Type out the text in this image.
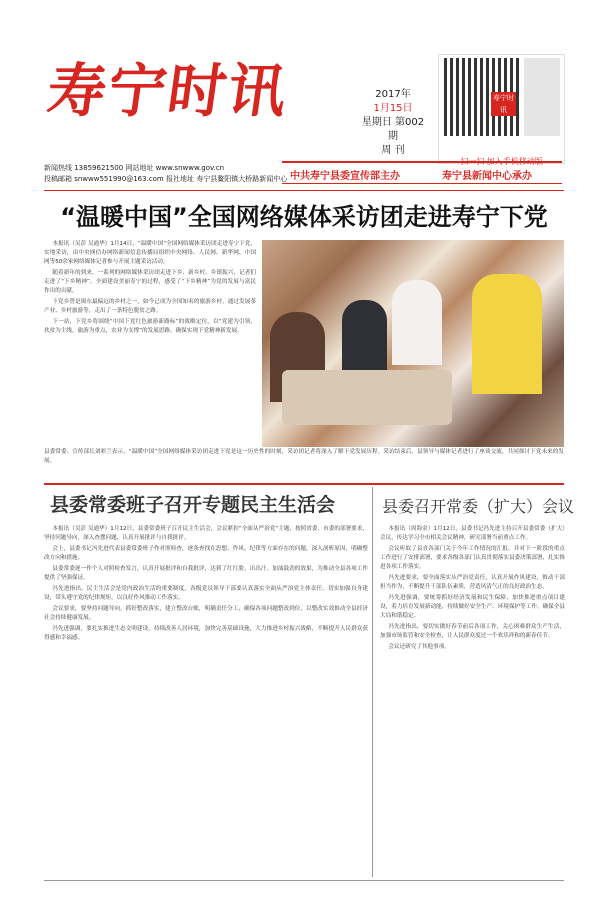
寿宁时讯	2017年
1月15日
星期日 第002期
周 刊
寿宁时讯
扫一扫 加入手机移动版
新闻热线 13859621500 网站地址 www.snwww.gov.cn
投稿邮箱 snwww551990@163.com 报社地址 寿宁县鳌阳镇大桥路新闻中心 中共寿宁县委宣传部主办	寿宁县新闻中心承办
“温暖中国”全国网络媒体采访团走进寿宁下党

本报讯（吴彭 吴通华）1月14日，“温暖中国”全国网络媒体采访团走进寿宁下党，实地采访，由中央网信办网络新闻信息传播局组织中央网络、人民网、新华网、中国网等50余家网络媒体记者参与开展主题采访活动。

随着新年的到来，一系列的网络媒体采访团走进下乡、新乡村、乡镇振兴，记者们走进了“下乡精神”、全面建设美丽寿宁的过程，感受了“下乡精神”为党的发展与富民作出的贡献。

下党乡曾是闽东最偏远的乡村之一，如今已成为全国知名的旅游乡村，通过发展茶产业、乡村旅游等，走出了一条特色脱贫之路。

下一站，下党乡将围绕“中国下党红色旅游新路标”的战略定位，以“党建为引领，扶贫为主线，旅游为重点，农业为支撑”的发展思路，确保实现下党精神新发展。

县委常委、宣传部长刘彩兰表示，“温暖中国”全国网络媒体采访团走进下党是这一历史性的时刻，采访团记者将深入了解下党发展历程。采访结束后，县领导与媒体记者进行了座谈交流，共同探讨下党未来的发展。
县委常委班子召开专题民主生活会	县委召开常委（扩大）会议

本报讯（吴彭 吴通华）1月12日，县委常委班子召开民主生活会，会议紧扣“全面从严治党”主题，按照省委、市委的部署要求，坚持问题导向，深入查摆问题，认真开展批评与自我批评。

会上，县委书记冯先进代表县委常委班子作对照检查，逐条查找在思想、作风、纪律等方面存在的问题，深入剖析原因，明确整改方向和措施。

县委常委逐一作个人对照检查发言，认真开展批评和自我批评，达到了红红脸、出出汗、加油鼓劲的效果，为推动全县各项工作提供了坚强保证。

冯先进指出，民主生活会是党内政治生活的重要制度，各级党员领导干部要认真落实全面从严治党主体责任，切实加强自身建设，带头遵守党的纪律规矩，以良好作风推动工作落实。

会议要求，要坚持问题导向，抓好整改落实，建立整改台账，明确责任分工，确保各项问题整改到位，以整改实效推动全县经济社会持续健康发展。

冯先进强调，要扎实推进生态文明建设，持续改善人居环境，加快完善基础设施，大力推进乡村振兴战略，不断提升人民群众获得感和幸福感。

本报讯（周海金）1月12日，县委书记冯先进主持召开县委常委（扩大）会议，传达学习全市相关会议精神，研究部署当前重点工作。

会议听取了县直各部门关于今年工作情况的汇报，并对下一阶段的重点工作进行了安排部署，要求各级各部门认真贯彻落实县委决策部署，扎实推进各项工作落实。

冯先进要求，要全面落实从严治党责任，认真开展作风建设，推动干部担当作为，不断提升干部队伍素质，营造风清气正的良好政治生态。

冯先进强调，要统筹抓好经济发展和民生保障，加快推进重点项目建设，着力培育发展新动能，持续做好安全生产、环境保护等工作，确保全县大局和谐稳定。

冯先进指出，要切实做好春节前后各项工作，关心困难群众生产生活，加强市场监管和安全检查，让人民群众度过一个欢乐祥和的新春佳节。

会议还研究了其他事项。
